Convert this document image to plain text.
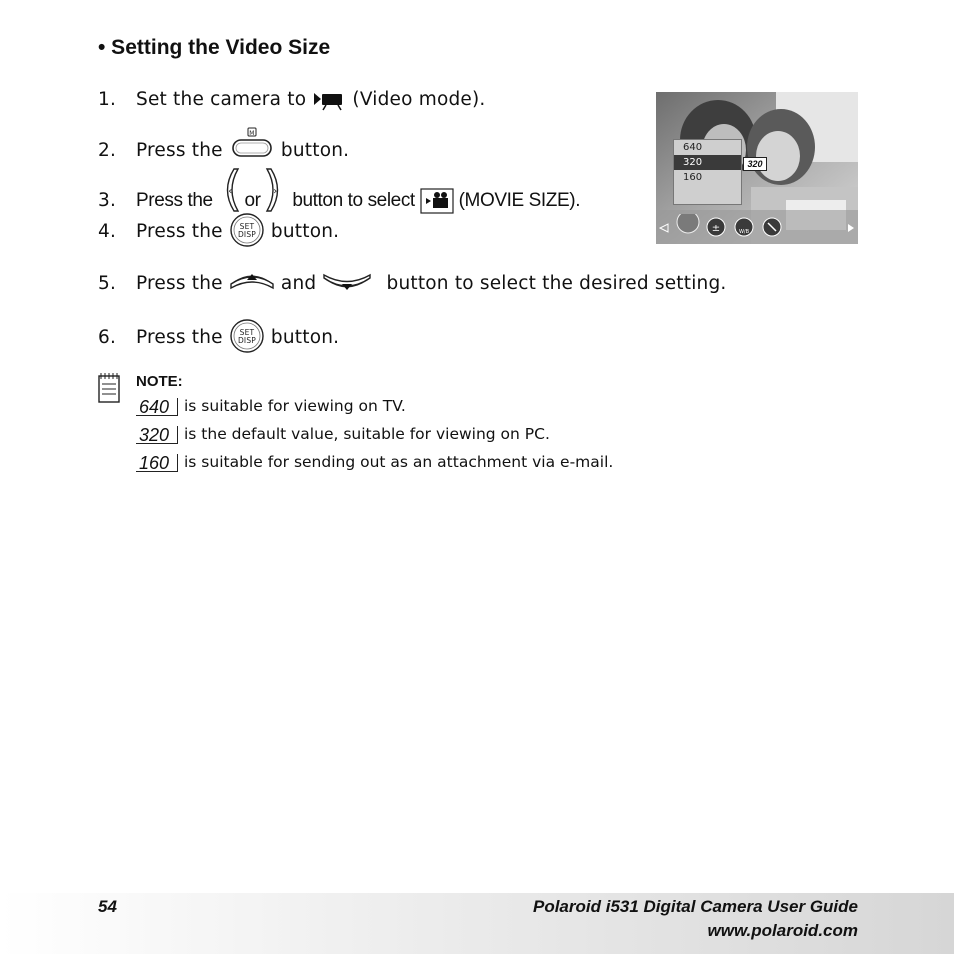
• Setting the Video Size
1. Set the camera to (Video mode).
2. Press the
M
button.
3. Press the ‹ or › button to select (MOVIE SIZE).
4. Press the SET
DISP button.
5. Press the	and	button to select the desired setting.
6. Press the SET
DISP button.
640
320
160
320
±	W/B
NOTE:
640 is suitable for viewing on TV.
320 is the default value, suitable for viewing on PC.
160 is suitable for sending out as an attachment via e-mail.
54	Polaroid i531 Digital Camera User Guide
www.polaroid.com
